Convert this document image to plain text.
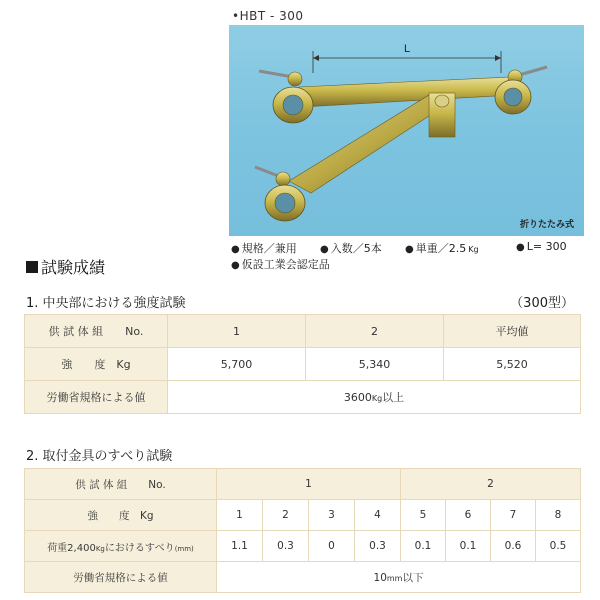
•HBT - 300
L
折りたたみ式
● 規格／兼用 ● 入数／5本 ● 単重／2.5 Kg	● L= 300
● 仮設工業会認定品
試験成績
1. 中央部における強度試験	（300型）
供 試 体 組　　No.	1	2	平均値
強　　度　Kg	5,700	5,340	5,520
労働省規格による値	3600Kg以上		
2. 取付金具のすべり試験
供 試 体 組　　No.	1				2			
強　　度　Kg	1	2	3	4	5	6	7	8
荷重2,400Kgにおけるすべり(mm)	1.1	0.3	0	0.3	0.1	0.1	0.6	0.5
労働省規格による値	10mm以下							
